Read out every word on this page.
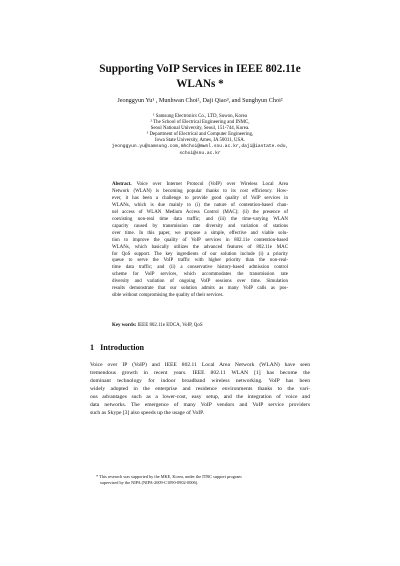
Supporting VoIP Services in IEEE 802.11e
WLANs *
Jeonggyun Yu¹ , Munhwan Choi², Daji Qiao³, and Sunghyun Choi²
¹ Samsung Electronics Co., LTD, Suwon, Korea
² The School of Electrical Engineering and INMC,
Seoul National University, Seoul, 151-744, Korea.
³ Department of Electrical and Computer Engineering,
Iowa State University, Ames, IA 50011, USA.
jeonggyun.yu@samsung.com,mhchoi@mwnl.snu.ac.kr,daji@iastate.edu,
schoi@snu.ac.kr
Abstract. Voice over Internet Protocol (VoIP) over Wireless Local Area
Network (WLAN) is becoming popular thanks to its cost efficiency. How-
ever, it has been a challenge to provide good quality of VoIP services in
WLANs, which is due mainly to (i) the nature of contention-based chan-
nel access of WLAN Medium Access Control (MAC); (ii) the presence of
coexisting non-real time data traffic; and (iii) the time-varying WLAN
capacity caused by transmission rate diversity and variation of stations
over time. In this paper, we propose a simple, effective and viable solu-
tion to improve the quality of VoIP services in 802.11e contention-based
WLANs, which basically utilizes the advanced features of 802.11e MAC
for QoS support. The key ingredients of our solution include (i) a priority
queue to serve the VoIP traffic with higher priority than the non-real-
time data traffic; and (ii) a conservative history-based admission control
scheme for VoIP services, which accommodates the transmission rate
diversity and variation of ongoing VoIP sessions over time. Simulation
results demonstrate that our solution admits as many VoIP calls as pos-
sible without compromising the quality of their services.
Key words: IEEE 802.11e EDCA, VoIP, QoS
1 Introduction
Voice over IP (VoIP) and IEEE 802.11 Local Area Network (WLAN) have seen
tremendous growth in recent years. IEEE 802.11 WLAN [1] has become the
dominant technology for indoor broadband wireless networking. VoIP has been
widely adopted in the enterprise and residence environments thanks to the vari-
ous advantages such as a lower-cost, easy setup, and the integration of voice and
data networks. The emergence of many VoIP vendors and VoIP service providers
such as Skype [3] also speeds up the usage of VoIP.
* This research was supported by the MKE, Korea, under the ITRC support program
supervised by the NIPA (NIPA-2009-C1090-0902-0006).
